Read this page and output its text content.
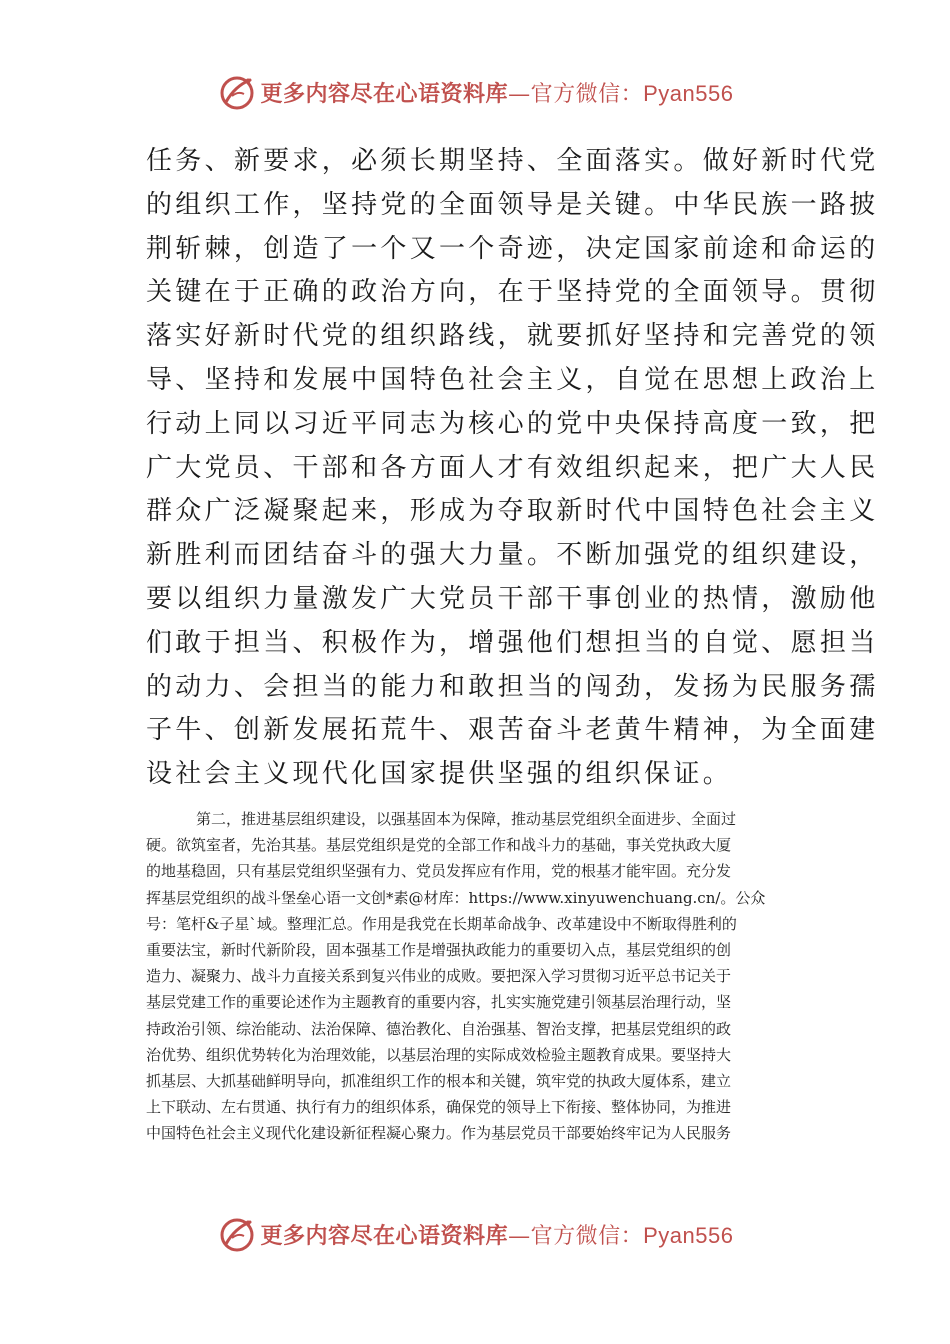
更多内容尽在心语资料库—官方微信：Pyan556
任务、新要求，必须长期坚持、全面落实。做好新时代党
的组织工作，坚持党的全面领导是关键。中华民族一路披
荆斩棘，创造了一个又一个奇迹，决定国家前途和命运的
关键在于正确的政治方向，在于坚持党的全面领导。贯彻
落实好新时代党的组织路线，就要抓好坚持和完善党的领
导、坚持和发展中国特色社会主义，自觉在思想上政治上
行动上同以习近平同志为核心的党中央保持高度一致，把
广大党员、干部和各方面人才有效组织起来，把广大人民
群众广泛凝聚起来，形成为夺取新时代中国特色社会主义
新胜利而团结奋斗的强大力量。不断加强党的组织建设，
要以组织力量激发广大党员干部干事创业的热情，激励他
们敢于担当、积极作为，增强他们想担当的自觉、愿担当
的动力、会担当的能力和敢担当的闯劲，发扬为民服务孺
子牛、创新发展拓荒牛、艰苦奋斗老黄牛精神，为全面建
设社会主义现代化国家提供坚强的组织保证。
第二，推进基层组织建设，以强基固本为保障，推动基层党组织全面进步、全面过
硬。欲筑室者，先治其基。基层党组织是党的全部工作和战斗力的基础，事关党执政大厦
的地基稳固，只有基层党组织坚强有力、党员发挥应有作用，党的根基才能牢固。充分发
挥基层党组织的战斗堡垒心语一文创*素@材库：https://www.xinyuwenchuang.cn/。公众
号：笔杆&子星`域。整理汇总。作用是我党在长期革命战争、改革建设中不断取得胜利的
重要法宝，新时代新阶段，固本强基工作是增强执政能力的重要切入点，基层党组织的创
造力、凝聚力、战斗力直接关系到复兴伟业的成败。要把深入学习贯彻习近平总书记关于
基层党建工作的重要论述作为主题教育的重要内容，扎实实施党建引领基层治理行动，坚
持政治引领、综治能动、法治保障、德治教化、自治强基、智治支撑，把基层党组织的政
治优势、组织优势转化为治理效能，以基层治理的实际成效检验主题教育成果。要坚持大
抓基层、大抓基础鲜明导向，抓准组织工作的根本和关键，筑牢党的执政大厦体系，建立
上下联动、左右贯通、执行有力的组织体系，确保党的领导上下衔接、整体协同，为推进
中国特色社会主义现代化建设新征程凝心聚力。作为基层党员干部要始终牢记为人民服务
更多内容尽在心语资料库—官方微信：Pyan556
